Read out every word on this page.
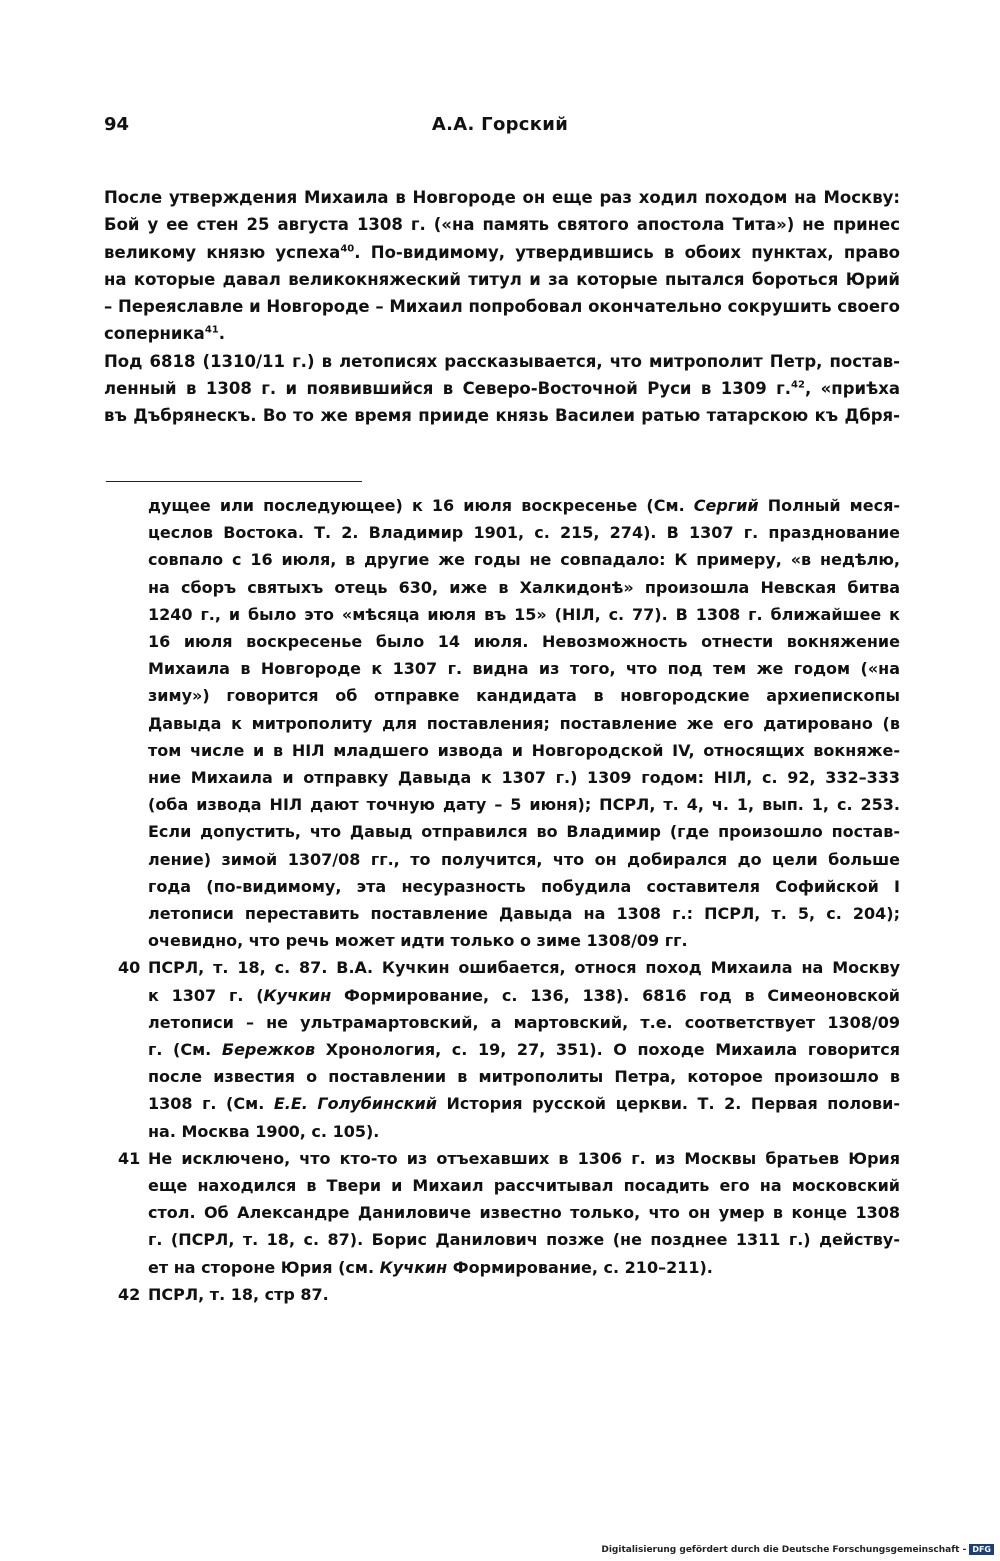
94	А.А. Горский

После утверждения Михаила в Новгороде он еще раз ходил походом на Москву:
Бой у ее стен 25 августа 1308 г. («на память святого апостола Тита») не принес
великому князю успеха$^{40}$. По-видимому, утвердившись в обоих пунктах, право
на которые давал великокняжеский титул и за которые пытался бороться Юрий
– Переяславле и Новгороде – Михаил попробовал окончательно сокрушить своего
соперника$^{41}$.

Под 6818 (1310/11 г.) в летописях рассказывается, что митрополит Петр, постав-
ленный в 1308 г. и появившийся в Северо-Восточной Руси в 1309 г.$^{42}$, «приѣха
въ Дъбрянескъ. Во то же время прииде князь Василеи ратью татарскою къ Дбря-

дущее или последующее) к 16 июля воскресенье (См. Сергий Полный меся-
цеслов Востока. Т. 2. Владимир 1901, с. 215, 274). В 1307 г. празднование
совпало с 16 июля, в другие же годы не совпадало: К примеру, «в недѣлю,
на сборъ святыхъ отець 630, иже в Халкидонѣ» произошла Невская битва
1240 г., и было это «мѣсяца июля въ 15» (НІЛ, с. 77). В 1308 г. ближайшее к
16 июля воскресенье было 14 июля. Невозможность отнести вокняжение
Михаила в Новгороде к 1307 г. видна из того, что под тем же годом («на
зиму») говорится об отправке кандидата в новгородские архиепископы
Давыда к митрополиту для поставления; поставление же его датировано (в
том числе и в НІЛ младшего извода и Новгородской IV, относящих вокняже-
ние Михаила и отправку Давыда к 1307 г.) 1309 годом: НІЛ, с. 92, 332–333
(оба извода НІЛ дают точную дату – 5 июня); ПСРЛ, т. 4, ч. 1, вып. 1, с. 253.
Если допустить, что Давыд отправился во Владимир (где произошло постав-
ление) зимой 1307/08 гг., то получится, что он добирался до цели больше
года (по-видимому, эта несуразность побудила составителя Софийской I
летописи переставить поставление Давыда на 1308 г.: ПСРЛ, т. 5, с. 204);
очевидно, что речь может идти только о зиме 1308/09 гг.
40 ПСРЛ, т. 18, с. 87. В.А. Кучкин ошибается, относя поход Михаила на Москву
к 1307 г. (Кучкин Формирование, с. 136, 138). 6816 год в Симеоновской
летописи – не ультрамартовский, а мартовский, т.е. соответствует 1308/09
г. (См. Бережков Хронология, с. 19, 27, 351). О походе Михаила говорится
после известия о поставлении в митрополиты Петра, которое произошло в
1308 г. (См. Е.Е. Голубинский История русской церкви. Т. 2. Первая полови-
на. Москва 1900, с. 105).
41 Не исключено, что кто-то из отъехавших в 1306 г. из Москвы братьев Юрия
еще находился в Твери и Михаил рассчитывал посадить его на московский
стол. Об Александре Даниловиче известно только, что он умер в конце 1308
г. (ПСРЛ, т. 18, с. 87). Борис Данилович позже (не позднее 1311 г.) действу-
ет на стороне Юрия (см. Кучкин Формирование, с. 210–211).
42 ПСРЛ, т. 18, стр 87.
Digitalisierung gefördert durch die Deutsche Forschungsgemeinschaft - DFG
